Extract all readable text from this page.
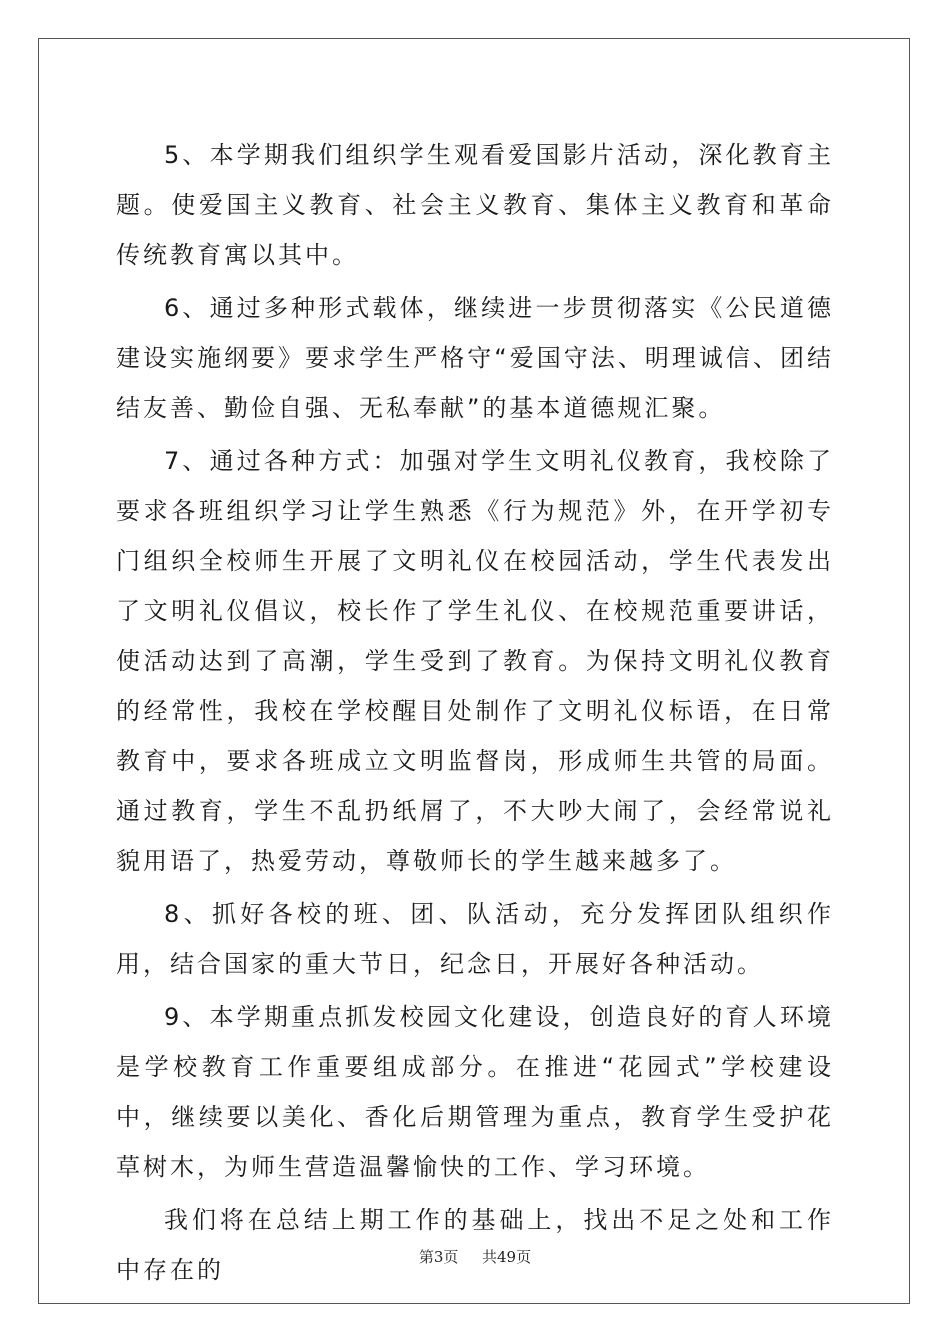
5、本学期我们组织学生观看爱国影片活动，深化教育主题。使爱国主义教育、社会主义教育、集体主义教育和革命传统教育寓以其中。

6、通过多种形式载体，继续进一步贯彻落实《公民道德建设实施纲要》要求学生严格守“爱国守法、明理诚信、团结结友善、勤俭自强、无私奉献”的基本道德规汇聚。

7、通过各种方式：加强对学生文明礼仪教育，我校除了要求各班组织学习让学生熟悉《行为规范》外，在开学初专门组织全校师生开展了文明礼仪在校园活动，学生代表发出了文明礼仪倡议，校长作了学生礼仪、在校规范重要讲话，使活动达到了高潮，学生受到了教育。为保持文明礼仪教育的经常性，我校在学校醒目处制作了文明礼仪标语，在日常教育中，要求各班成立文明监督岗，形成师生共管的局面。通过教育，学生不乱扔纸屑了，不大吵大闹了，会经常说礼貌用语了，热爱劳动，尊敬师长的学生越来越多了。

8、抓好各校的班、团、队活动，充分发挥团队组织作用，结合国家的重大节日，纪念日，开展好各种活动。

9、本学期重点抓发校园文化建设，创造良好的育人环境是学校教育工作重要组成部分。在推进“花园式”学校建设中，继续要以美化、香化后期管理为重点，教育学生受护花草树木，为师生营造温馨愉快的工作、学习环境。

我们将在总结上期工作的基础上，找出不足之处和工作中存在的	第3页 共49页
